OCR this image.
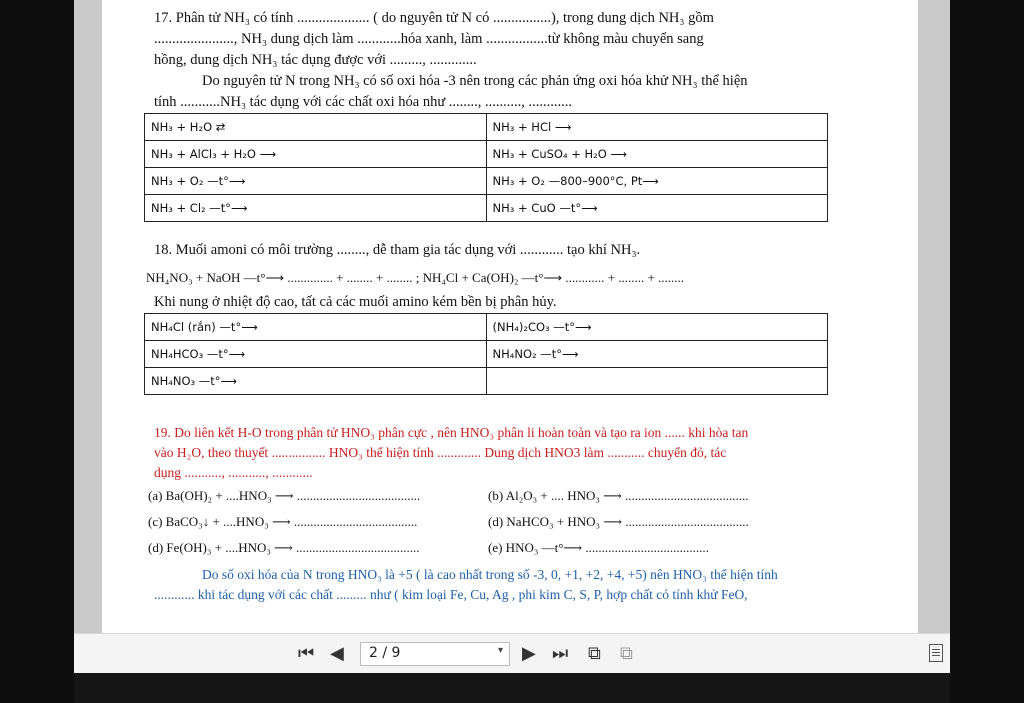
17. Phân tử NH₃ có tính .................... ( do nguyên tử N có ................), trong dung dịch NH₃ gồm

......................, NH₃ dung dịch làm ............hóa xanh, làm .................từ không màu chuyển sang

hồng, dung dịch NH₃ tác dụng được với ........., .............

Do nguyên tử N trong NH₃ có số oxi hóa -3 nên trong các phản ứng oxi hóa khử NH₃ thể hiện

tính ...........NH₃ tác dụng với các chất oxi hóa như ........, .........., ............

NH₃ + H₂O ⇄	NH₃ + HCl ⟶
NH₃ + AlCl₃ + H₂O ⟶	NH₃ + CuSO₄ + H₂O ⟶
NH₃ + O₂ —t°⟶	NH₃ + O₂ —800–900°C, Pt⟶
NH₃ + Cl₂ —t°⟶	NH₃ + CuO —t°⟶

18. Muối amoni có môi trường ........, dễ tham gia tác dụng với ............ tạo khí NH₃.

NH₄NO₃ + NaOH —t°⟶ .............. + ........ + ........ ; NH₄Cl + Ca(OH)₂ —t°⟶ ............ + ........ + ........

Khi nung ở nhiệt độ cao, tất cả các muối amino kém bền bị phân hủy.

NH₄Cl (rắn) —t°⟶	(NH₄)₂CO₃ —t°⟶
NH₄HCO₃ —t°⟶	NH₄NO₂ —t°⟶
NH₄NO₃ —t°⟶	

19. Do liên kết H-O trong phân tử HNO₃ phân cực , nên HNO₃ phân li hoàn toàn và tạo ra ion ...... khi hòa tan

vào H₂O, theo thuyết ................ HNO₃ thể hiện tính ............. Dung dịch HNO3 làm ........... chuyển đỏ, tác

dụng ..........., ..........., ............

(a) Ba(OH)₂ + ....HNO₃ ⟶ ......................................	(b) Al₂O₃ + .... HNO₃ ⟶ ......................................
(c) BaCO₃↓ + ....HNO₃ ⟶ ......................................	(d) NaHCO₃ + HNO₃ ⟶ ......................................
(d) Fe(OH)₃ + ....HNO₃ ⟶ ......................................	(e) HNO₃ —t°⟶ ......................................

Do số oxi hóa của N trong HNO₃ là +5 ( là cao nhất trong số -3, 0, +1, +2, +4, +5) nên HNO₃ thể hiện tính

............ khi tác dụng với các chất ......... như ( kim loại Fe, Cu, Ag , phi kim C, S, P, hợp chất có tính khử FeO,

⏮ ◀	2 / 9	▾ ▶ ⏭ ⧉ ⧉
